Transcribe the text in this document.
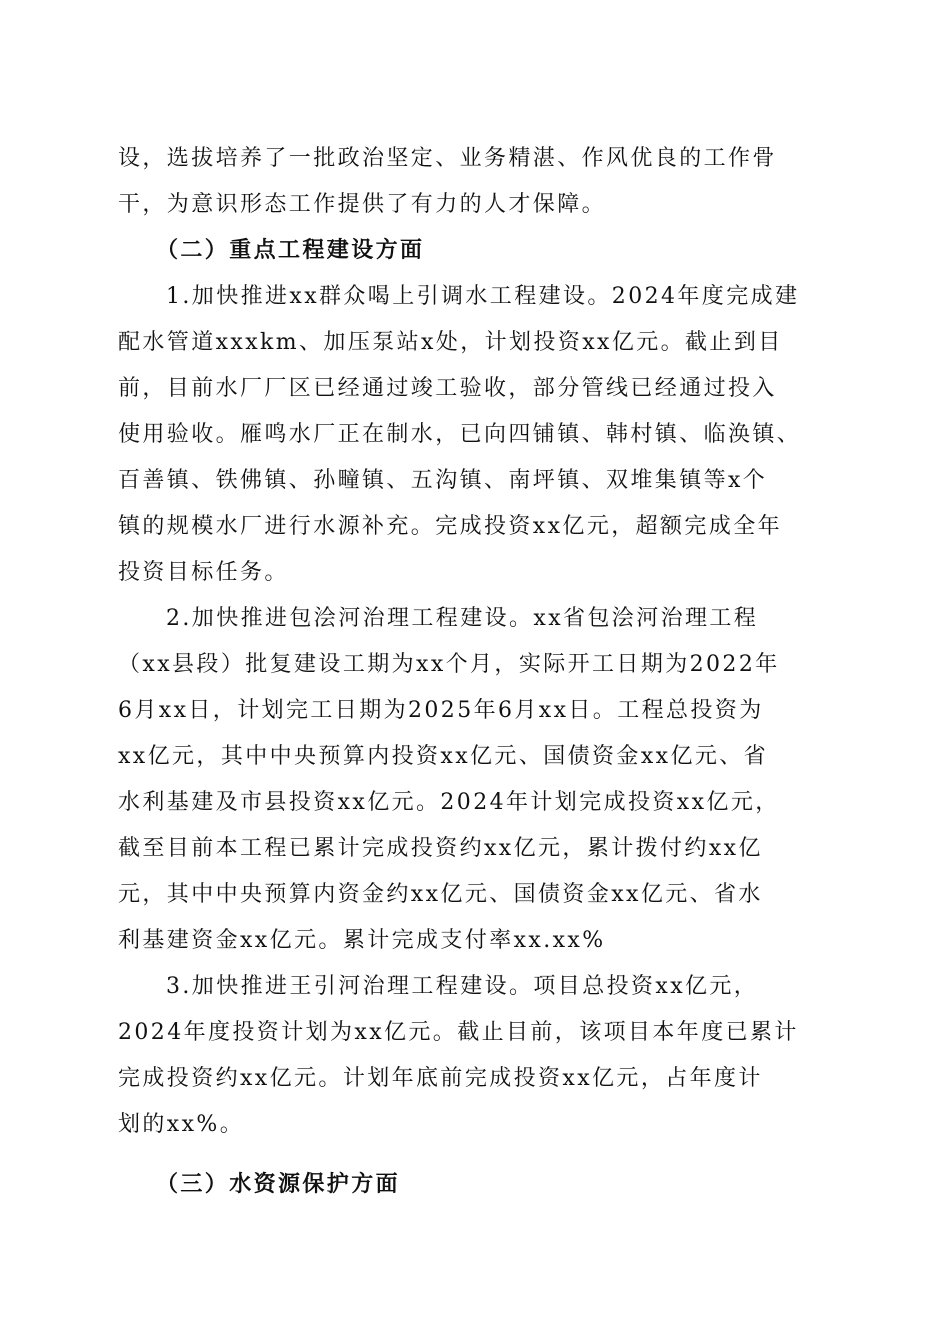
设，选拔培养了一批政治坚定、业务精湛、作风优良的工作骨
干，为意识形态工作提供了有力的人才保障。
（二）重点工程建设方面
1.加快推进xx群众喝上引调水工程建设。2024年度完成建
配水管道xxxkm、加压泵站x处，计划投资xx亿元。截止到目
前，目前水厂厂区已经通过竣工验收，部分管线已经通过投入
使用验收。雁鸣水厂正在制水，已向四铺镇、韩村镇、临涣镇、
百善镇、铁佛镇、孙疃镇、五沟镇、南坪镇、双堆集镇等x个
镇的规模水厂进行水源补充。完成投资xx亿元，超额完成全年
投资目标任务。
2.加快推进包浍河治理工程建设。xx省包浍河治理工程
（xx县段）批复建设工期为xx个月，实际开工日期为2022年
6月xx日，计划完工日期为2025年6月xx日。工程总投资为
xx亿元，其中中央预算内投资xx亿元、国债资金xx亿元、省
水利基建及市县投资xx亿元。2024年计划完成投资xx亿元，
截至目前本工程已累计完成投资约xx亿元，累计拨付约xx亿
元，其中中央预算内资金约xx亿元、国债资金xx亿元、省水
利基建资金xx亿元。累计完成支付率xx.xx%
3.加快推进王引河治理工程建设。项目总投资xx亿元，
2024年度投资计划为xx亿元。截止目前，该项目本年度已累计
完成投资约xx亿元。计划年底前完成投资xx亿元，占年度计
划的xx%。
（三）水资源保护方面
